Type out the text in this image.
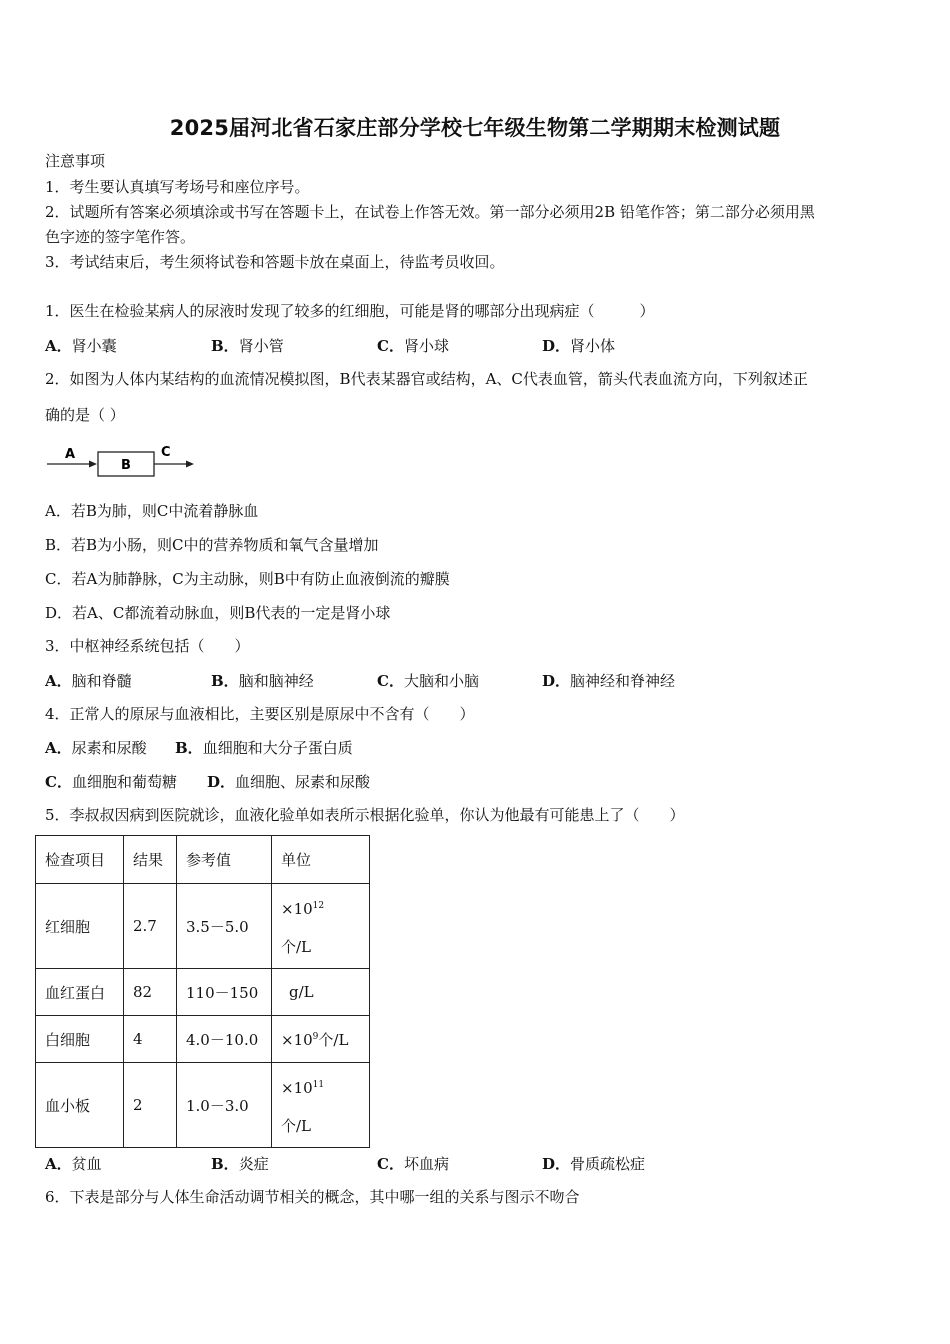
2025届河北省石家庄部分学校七年级生物第二学期期末检测试题
注意事项
1．考生要认真填写考场号和座位序号。
2．试题所有答案必须填涂或书写在答题卡上，在试卷上作答无效。第一部分必须用2B 铅笔作答；第二部分必须用黑
色字迹的签字笔作答。
3．考试结束后，考生须将试卷和答题卡放在桌面上，待监考员收回。
1．医生在检验某病人的尿液时发现了较多的红细胞，可能是肾的哪部分出现病症（　　　）
A．肾小囊	B．肾小管	C．肾小球	D．肾小体
2．如图为人体内某结构的血流情况模拟图，B代表某器官或结构，A、C代表血管，箭头代表血流方向，下列叙述正
确的是（ ）
A
B
C
A．若B为肺，则C中流着静脉血
B．若B为小肠，则C中的营养物质和氧气含量增加
C．若A为肺静脉，C为主动脉，则B中有防止血液倒流的瓣膜
D．若A、C都流着动脉血，则B代表的一定是肾小球
3．中枢神经系统包括（　　）
A．脑和脊髓	B．脑和脑神经	C．大脑和小脑	D．脑神经和脊神经
4．正常人的原尿与血液相比，主要区别是原尿中不含有（　　）
A．尿素和尿酸 B．血细胞和大分子蛋白质
C．血细胞和葡萄糖 D．血细胞、尿素和尿酸
5．李叔叔因病到医院就诊，血液化验单如表所示根据化验单，你认为他最有可能患上了（　　）
检查项目	结果	参考值	单位
红细胞	2.7	3.5－5.0	$\times 10^{12}$
个/L
血红蛋白	82	110－150	g/L
白细胞	4	4.0－10.0	$\times 10^9$个/L
血小板	2	1.0－3.0	$\times 10^{11}$
个/L
A．贫血	B．炎症	C．坏血病	D．骨质疏松症
6．下表是部分与人体生命活动调节相关的概念，其中哪一组的关系与图示不吻合
